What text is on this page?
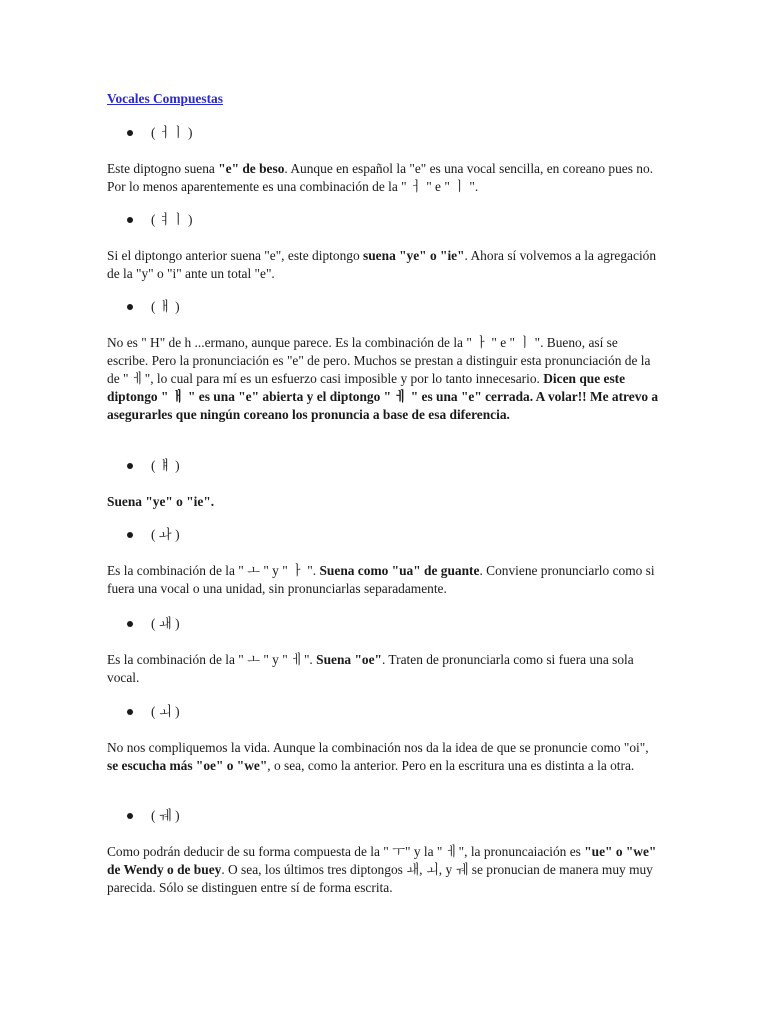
Vocales Compuestas
( ㅓㅣ )

Este diptogno suena "e" de beso. Aunque en español la "e" es una vocal sencilla, en coreano pues no. Por lo menos aparentemente es una combinación de la " ㅓ " e " ㅣ ".

( ㅕㅣ )

Si el diptongo anterior suena "e", este diptongo suena "ye" o "ie". Ahora sí volvemos a la agregación de la "y" o "i" ante un total "e".

( ㅐ )

No es " H" de h ...ermano, aunque parece. Es la combinación de la " ㅏ " e " ㅣ ". Bueno, así se escribe. Pero la pronunciación es "e" de pero. Muchos se prestan a distinguir esta pronunciación de la de " ㅔ", lo cual para mí es un esfuerzo casi imposible y por lo tanto innecesario. Dicen que este diptongo " ㅐ " es una "e" abierta y el diptongo " ㅔ " es una "e" cerrada. A volar!! Me atrevo a asegurarles que ningún coreano los pronuncia a base de esa diferencia.

( ㅒ )

Suena "ye" o "ie".

( ㅘ )

Es la combinación de la " ㅗ " y " ㅏ ". Suena como "ua" de guante. Conviene pronunciarlo como si fuera una vocal o una unidad, sin pronunciarlas separadamente.

( ㅙ )

Es la combinación de la " ㅗ " y " ㅔ". Suena "oe". Traten de pronunciarla como si fuera una sola vocal.

( ㅚ )

No nos compliquemos la vida. Aunque la combinación nos da la idea de que se pronuncie como "oi", se escucha más "oe" o "we", o sea, como la anterior. Pero en la escritura una es distinta a la otra.

( ㅞ )

Como podrán deducir de su forma compuesta de la " ㅜ" y la " ㅔ", la pronuncaiación es "ue" o "we" de Wendy o de buey. O sea, los últimos tres diptongos ㅙ, ㅚ, y ㅞ se pronucian de manera muy muy parecida. Sólo se distinguen entre sí de forma escrita.
